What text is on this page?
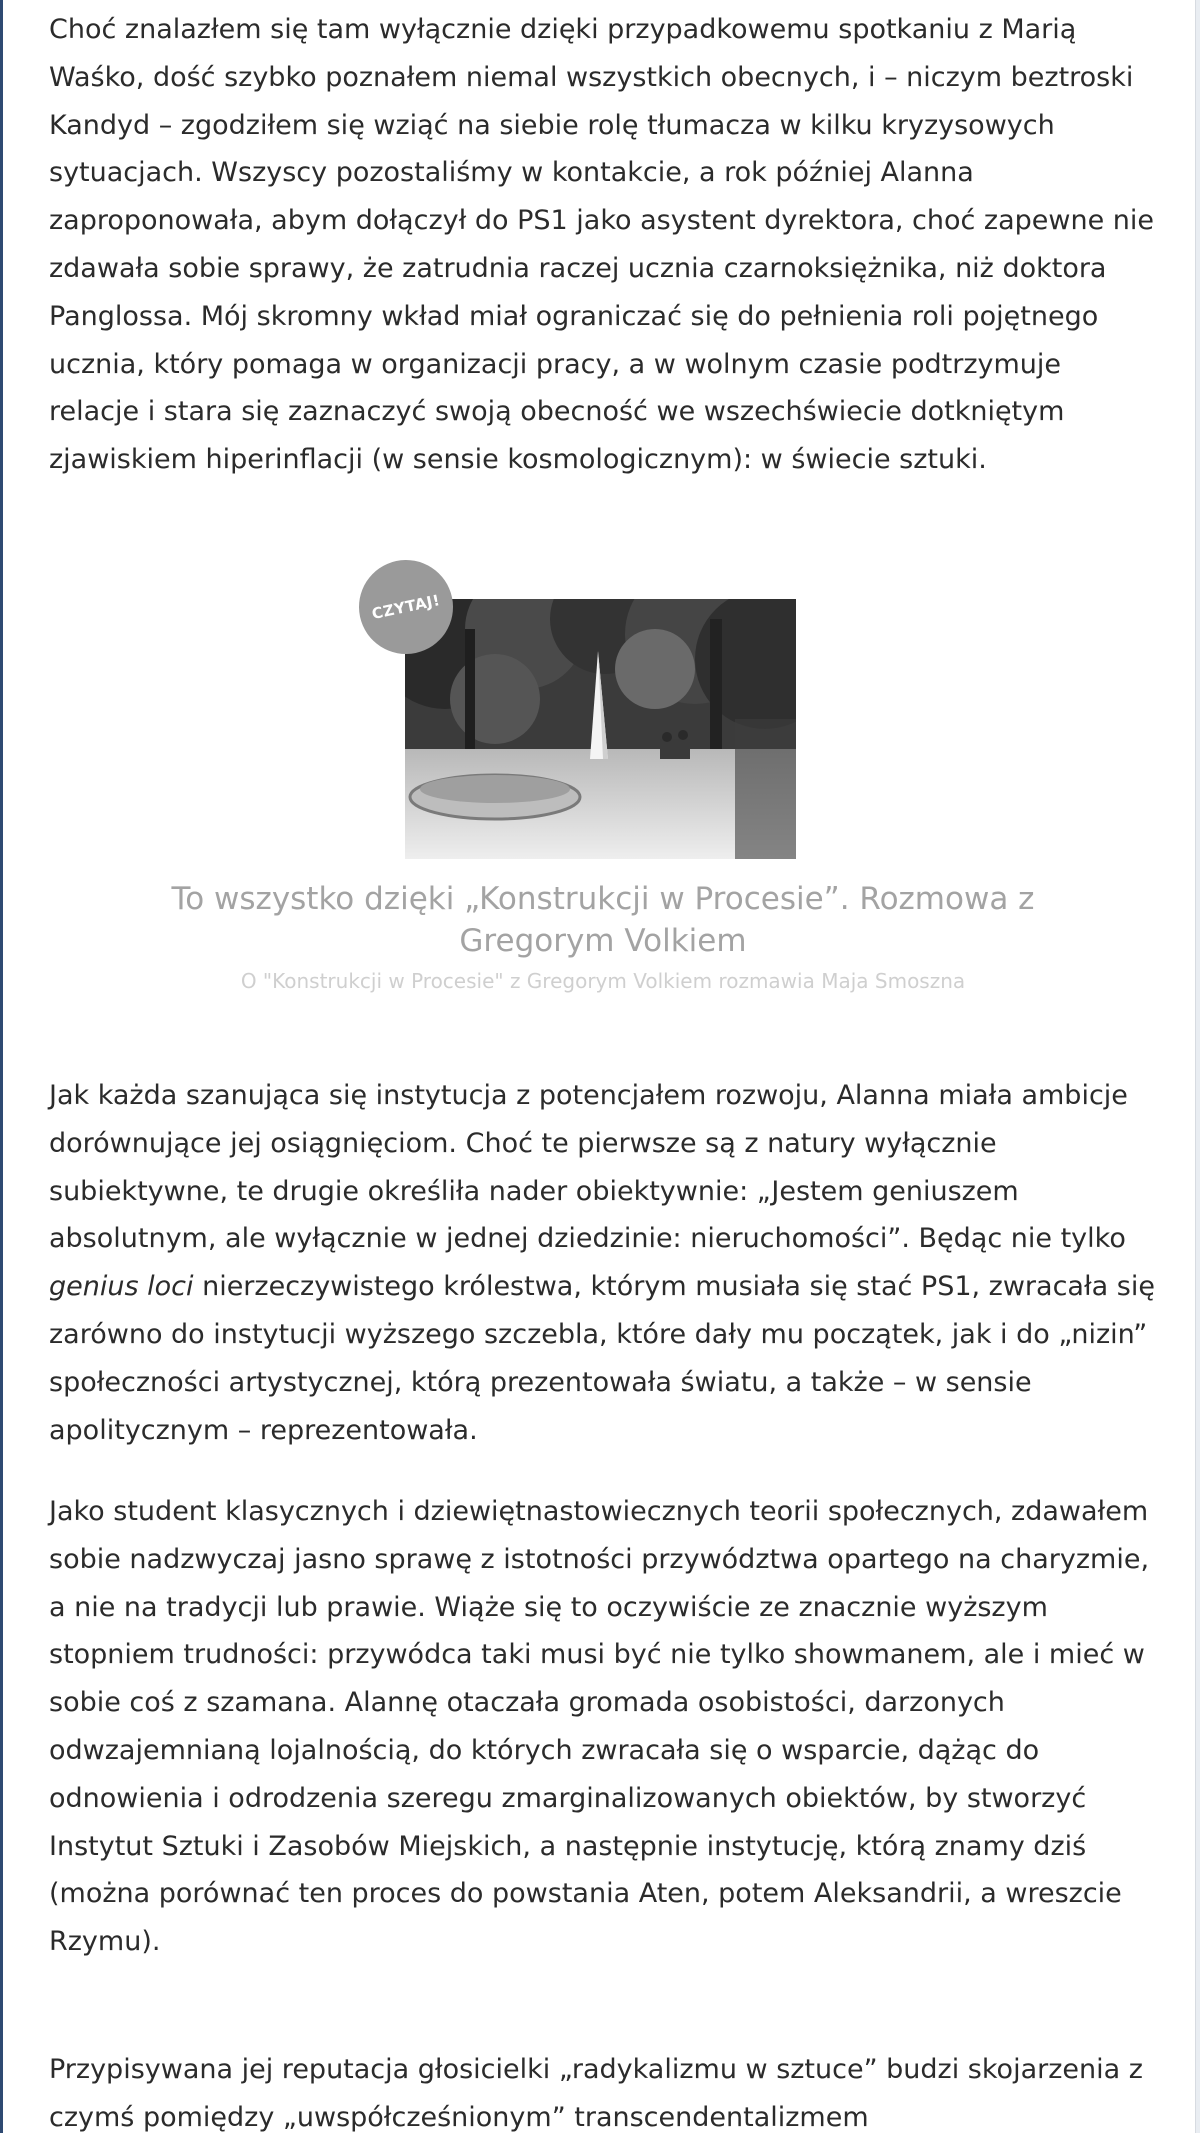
Choć znalazłem się tam wyłącznie dzięki przypadkowemu spotkaniu z Marią Waśko, dość szybko poznałem niemal wszystkich obecnych, i – niczym beztroski Kandyd – zgodziłem się wziąć na siebie rolę tłumacza w kilku kryzysowych sytuacjach. Wszyscy pozostaliśmy w kontakcie, a rok później Alanna zaproponowała, abym dołączył do PS1 jako asystent dyrektora, choć zapewne nie zdawała sobie sprawy, że zatrudnia raczej ucznia czarnoksiężnika, niż doktora Panglossa. Mój skromny wkład miał ograniczać się do pełnienia roli pojętnego ucznia, który pomaga w organizacji pracy, a w wolnym czasie podtrzymuje relacje i stara się zaznaczyć swoją obecność we wszechświecie dotkniętym zjawiskiem hiperinflacji (w sensie kosmologicznym): w świecie sztuki.

Jak każda szanująca się instytucja z potencjałem rozwoju, Alanna miała ambicje dorównujące jej osiągnięciom. Choć te pierwsze są z natury wyłącznie subiektywne, te drugie określiła nader obiektywnie: „Jestem geniuszem absolutnym, ale wyłącznie w jednej dziedzinie: nieruchomości”. Będąc nie tylko genius loci nierzeczywistego królestwa, którym musiała się stać PS1, zwracała się zarówno do instytucji wyższego szczebla, które dały mu początek, jak i do „nizin” społeczności artystycznej, którą prezentowała światu, a także – w sensie apolitycznym – reprezentowała.

Jako student klasycznych i dziewiętnastowiecznych teorii społecznych, zdawałem sobie nadzwyczaj jasno sprawę z istotności przywództwa opartego na charyzmie, a nie na tradycji lub prawie. Wiąże się to oczywiście ze znacznie wyższym stopniem trudności: przywódca taki musi być nie tylko showmanem, ale i mieć w sobie coś z szamana. Alannę otaczała gromada osobistości, darzonych odwzajemnianą lojalnością, do których zwracała się o wsparcie, dążąc do odnowienia i odrodzenia szeregu zmarginalizowanych obiektów, by stworzyć Instytut Sztuki i Zasobów Miejskich, a następnie instytucję, którą znamy dziś (można porównać ten proces do powstania Aten, potem Aleksandrii, a wreszcie Rzymu).

Przypisywana jej reputacja głosicielki „radykalizmu w sztuce” budzi skojarzenia z czymś pomiędzy „uwspółcześnionym” transcendentalizmem

CZYTAJ!
To wszystko dzięki „Konstrukcji w Procesie”. Rozmowa z Gregorym Volkiem
O "Konstrukcji w Procesie" z Gregorym Volkiem rozmawia Maja Smoszna
